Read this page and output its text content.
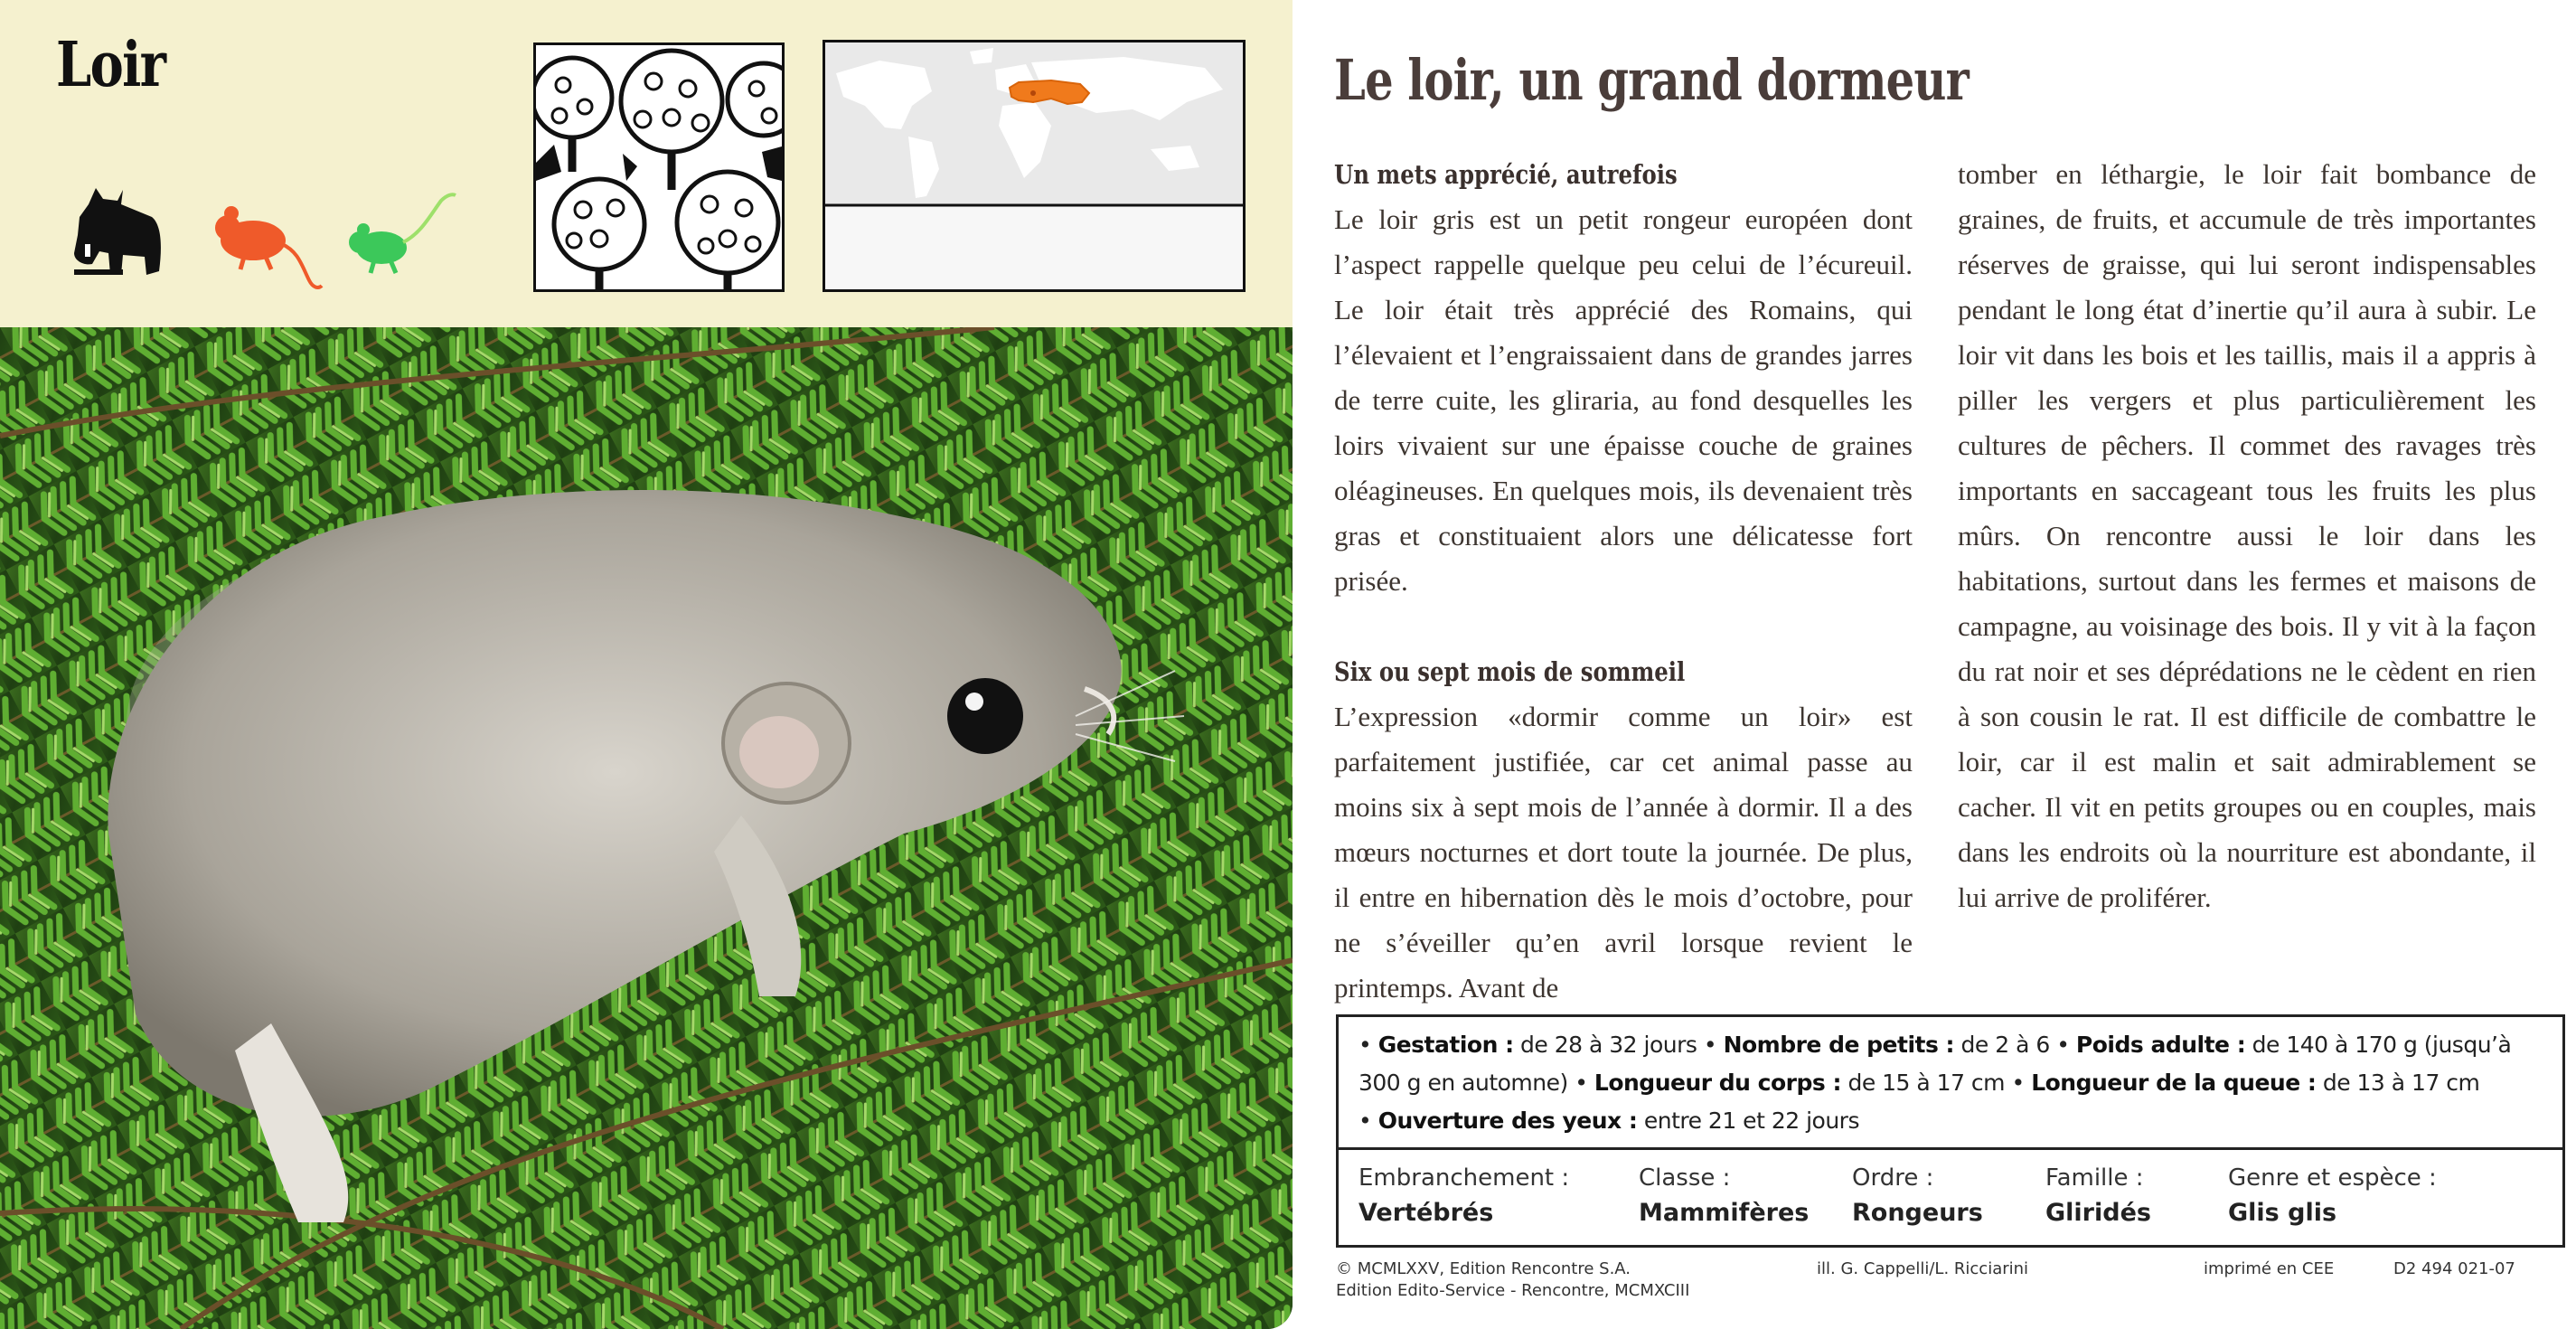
Loir	Le loir, un grand dormeur

Un mets apprécié, autrefois

Le loir gris est un petit rongeur européen dont l’aspect rappelle quelque peu celui de l’écureuil. Le loir était très apprécié des Romains, qui l’élevaient et l’engraissaient dans de grandes jarres de terre cuite, les gliraria, au fond desquelles les loirs vivaient sur une épaisse couche de graines oléagineuses. En quelques mois, ils devenaient très gras et constituaient alors une délicatesse fort prisée.

Six ou sept mois de sommeil

L’expression «dormir comme un loir» est parfaitement justifiée, car cet animal passe au moins six à sept mois de l’année à dormir. Il a des mœurs nocturnes et dort toute la journée. De plus, il entre en hibernation dès le mois d’octobre, pour ne s’éveiller qu’en avril lorsque revient le printemps. Avant de

tomber en léthargie, le loir fait bombance de graines, de fruits, et accumule de très importantes réserves de graisse, qui lui seront indispensables pendant le long état d’inertie qu’il aura à subir. Le loir vit dans les bois et les taillis, mais il a appris à piller les vergers et plus particulièrement les cultures de pêchers. Il commet des ravages très importants en saccageant tous les fruits les plus mûrs. On rencontre aussi le loir dans les habitations, surtout dans les fermes et maisons de campagne, au voisinage des bois. Il y vit à la façon du rat noir et ses déprédations ne le cèdent en rien à son cousin le rat. Il est difficile de combattre le loir, car il est malin et sait admirablement se cacher. Il vit en petits groupes ou en couples, mais dans les endroits où la nourriture est abondante, il lui arrive de proliférer.

• Gestation : de 28 à 32 jours • Nombre de petits : de 2 à 6 • Poids adulte : de 140 à 170 g (jusqu’à 300 g en automne) • Longueur du corps : de 15 à 17 cm • Longueur de la queue : de 13 à 17 cm
• Ouverture des yeux : entre 21 et 22 jours
Embranchement :
Vertébrés
Classe :
Mammifères
Ordre :
Rongeurs
Famille :
Gliridés
Genre et espèce :
Glis glis
© MCMLXXV, Edition Rencontre S.A.
Edition Edito-Service - Rencontre, MCMXCIII
ill. G. Cappelli/L. Ricciarini	imprimé en CEE	D2 494 021-07
